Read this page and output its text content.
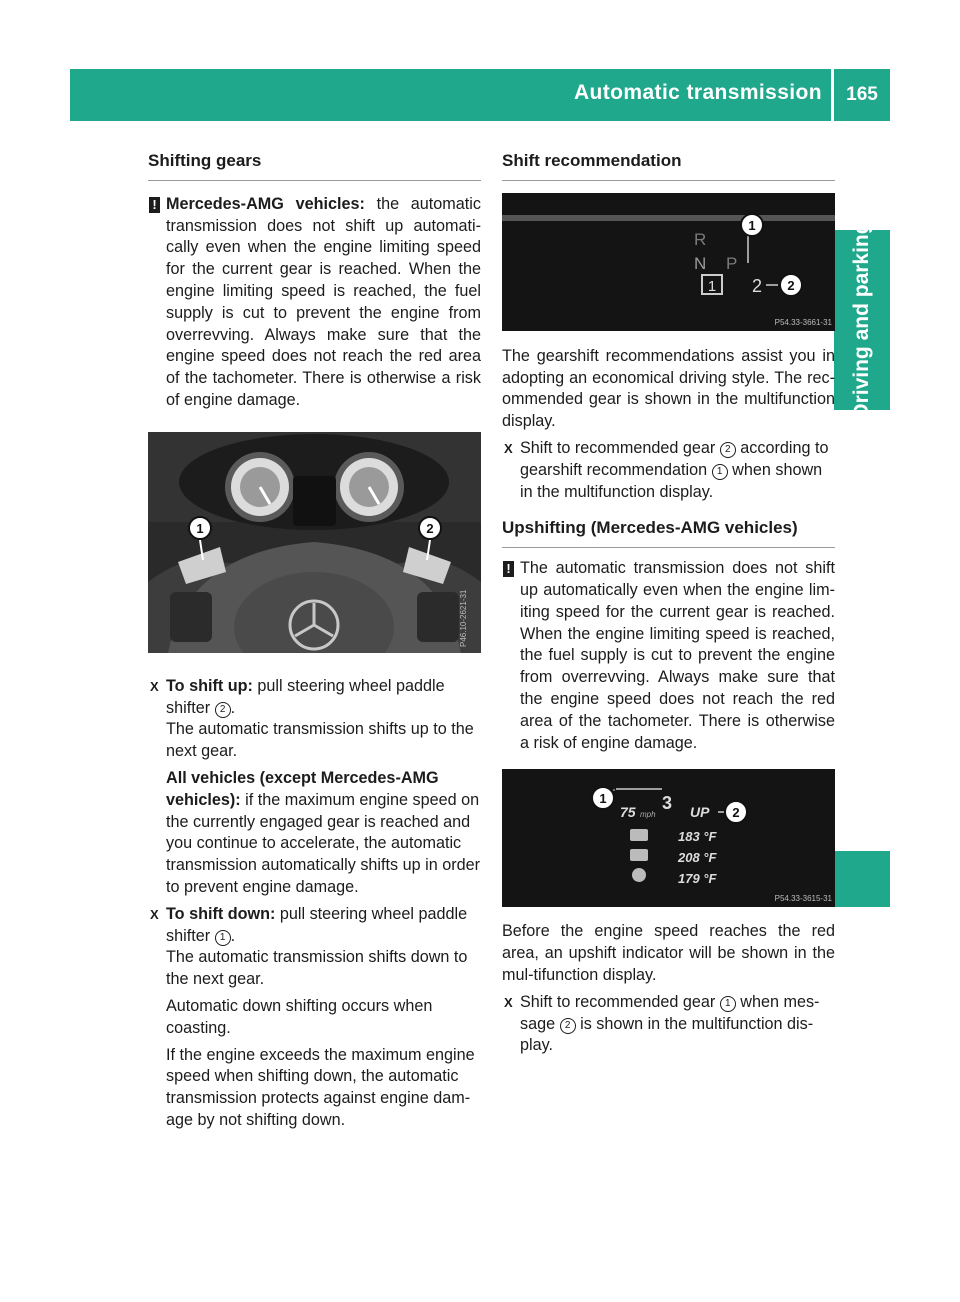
Automatic transmission	165
Driving and parking
Shifting gears
! Mercedes-AMG vehicles: the automatic transmission does not shift up automati-cally even when the engine limiting speed for the current gear is reached. When the engine limiting speed is reached, the fuel supply is cut to prevent the engine from overrevving. Always make sure that the engine speed does not reach the red area of the tachometer. There is otherwise a risk of engine damage.
1	2
P46.10-2621-31
X To shift up: pull steering wheel paddle shifter 2 .

The automatic transmission shifts up to the next gear.

All vehicles (except Mercedes-AMG vehicles): if the maximum engine speed on the currently engaged gear is reached and you continue to accelerate, the automatic transmission automatically shifts up in order to prevent engine damage.

X To shift down: pull steering wheel paddle shifter 1 .

The automatic transmission shifts down to the next gear.

Automatic down shifting occurs when coasting.

If the engine exceeds the maximum engine speed when shifting down, the automatic transmission protects against engine dam-age by not shifting down.

Shift recommendation
R
N P
1 2
1
2
P54.33-3661-31

The gearshift recommendations assist you in adopting an economical driving style. The rec-ommended gear is shown in the multifunction display.

X Shift to recommended gear 2 according to gearshift recommendation 1 when shown in the multifunction display.
Upshifting (Mercedes-AMG vehicles)
! The automatic transmission does not shift up automatically even when the engine lim-iting speed for the current gear is reached. When the engine limiting speed is reached, the fuel supply is cut to prevent the engine from overrevving. Always make sure that the engine speed does not reach the red area of the tachometer. There is otherwise a risk of engine damage.
75 mph
3 UP
183 °F
208 °F
179 °F
1
2
P54.33-3615-31

Before the engine speed reaches the red area, an upshift indicator will be shown in the mul-tifunction display.

X Shift to recommended gear 1 when mes-sage 2 is shown in the multifunction dis-play.
